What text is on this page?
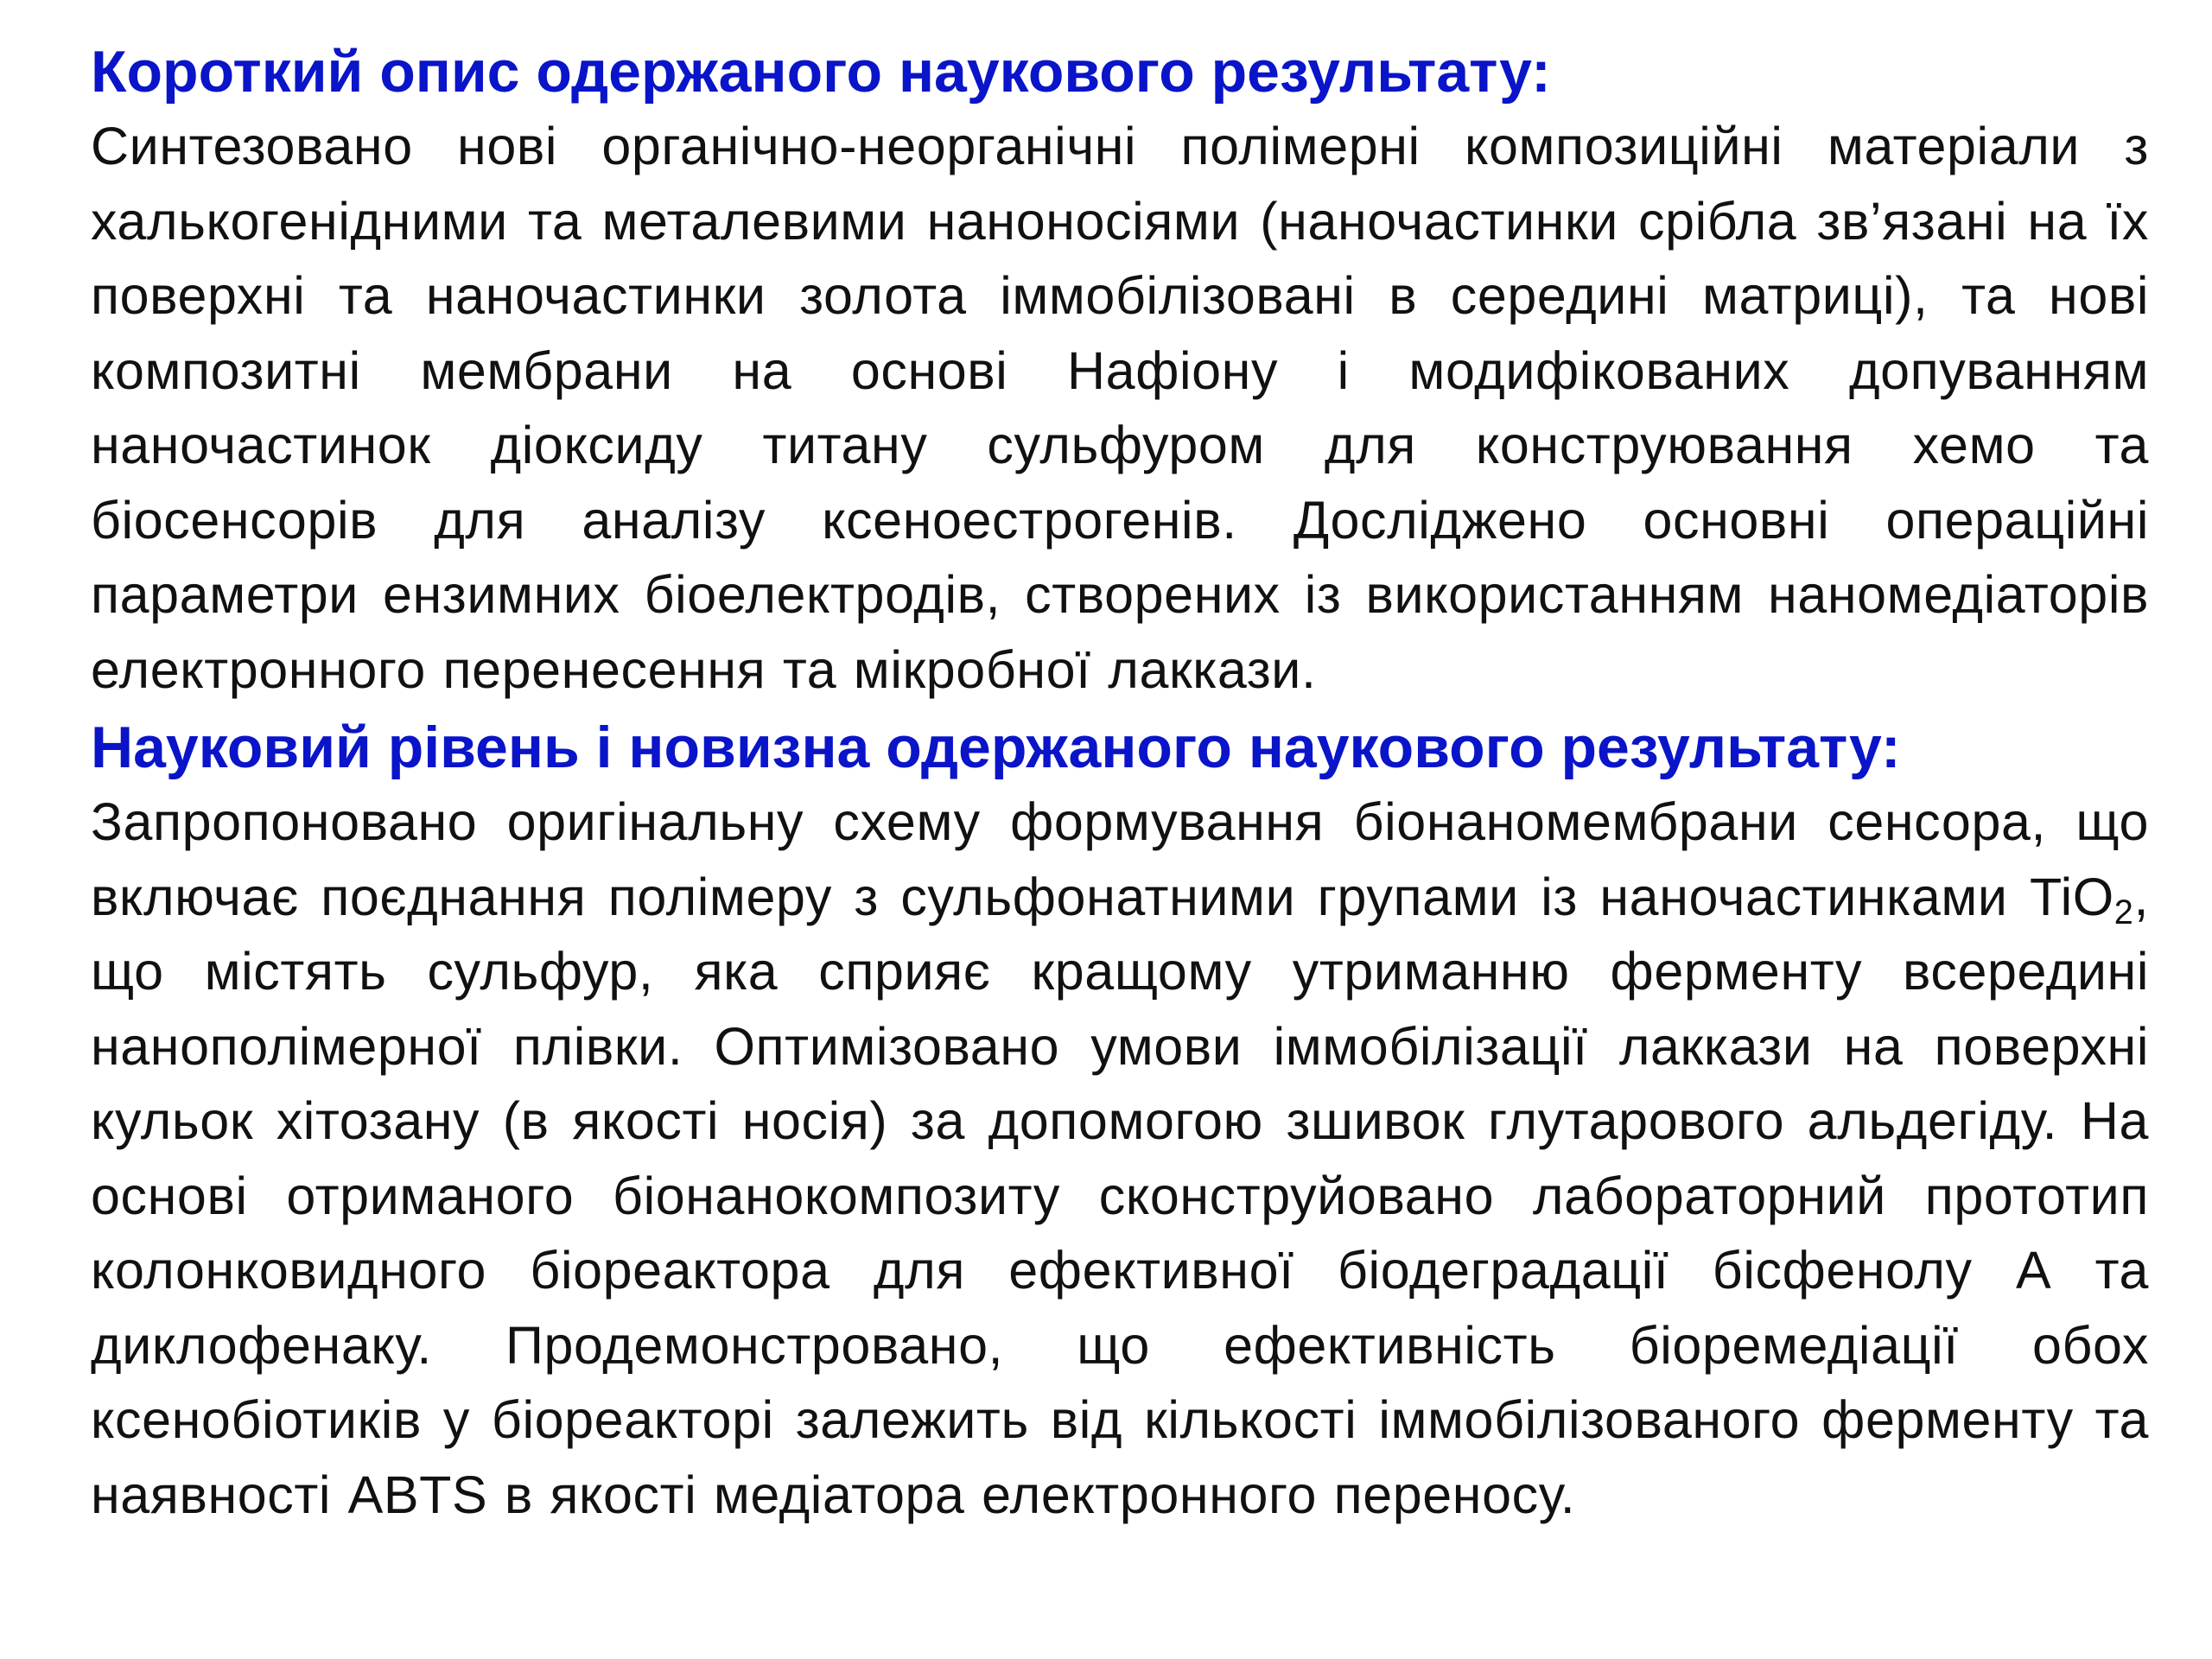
Короткий опис одержаного наукового результату:

Синтезовано нові органічно-неорганічні полімерні композиційні матеріали з халькогенідними та металевими наноносіями (наночастинки срібла зв’язані на їх поверхні та наночастинки золота іммобілізовані в середині матриці), та нові композитні мембрани на основі Нафіону і модифікованих допуванням наночастинок діоксиду титану сульфуром для конструювання хемо та біосенсорів для аналізу ксеноестрогенів. Досліджено основні операційні параметри ензимних біоелектродів, створених із використанням наномедіаторів електронного перенесення та мікробної лаккази.

Науковий рівень і новизна одержаного наукового результату:

Запропоновано оригінальну схему формування біонаномембрани сенсора, що включає поєднання полімеру з сульфонатними групами із наночастинками TiO$_2$, що містять сульфур, яка сприяє кращому утриманню ферменту всередині нанополімерної плівки. Оптимізовано умови іммобілізації лаккази на поверхні кульок хітозану (в якості носія) за допомогою зшивок глутарового альдегіду. На основі отриманого біонанокомпозиту сконструйовано лабораторний прототип колонковидного біореактора для ефективної біодеградації бісфенолу А та диклофенаку. Продемонстровано, що ефективність біоремедіації обох ксенобіотиків у біореакторі залежить від кількості іммобілізованого ферменту та наявності ABTS в якості медіатора електронного переносу.
